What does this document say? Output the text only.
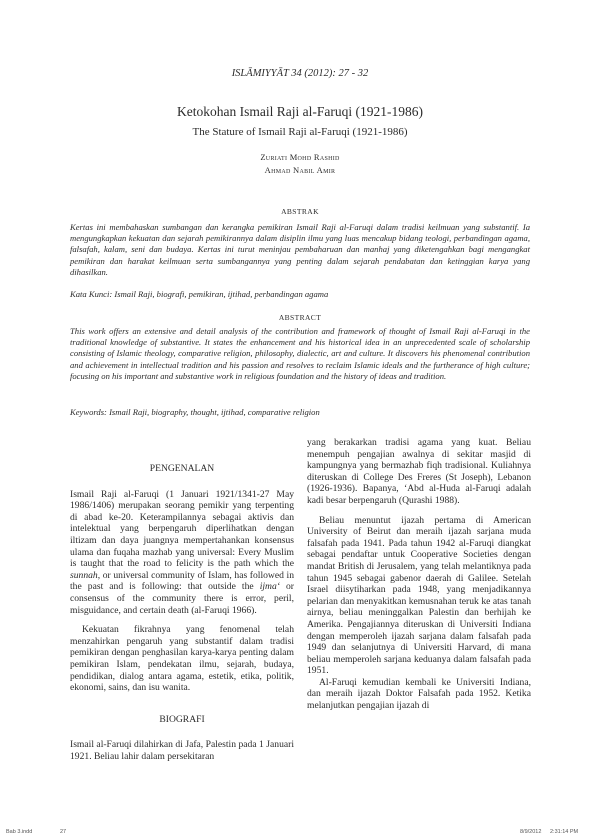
ISLĀMIYYĀT 34 (2012): 27 - 32
Ketokohan Ismail Raji al-Faruqi (1921-1986)
The Stature of Ismail Raji al-Faruqi (1921-1986)
Zuriati Mohd Rashid
Ahmad Nabil Amir
ABSTRAK
Kertas ini membahaskan sumbangan dan kerangka pemikiran Ismail Raji al-Faruqi dalam tradisi keilmuan yang substantif. Ia mengungkapkan kekuatan dan sejarah pemikirannya dalam disiplin ilmu yang luas mencakup bidang teologi, perbandingan agama, falsafah, kalam, seni dan budaya. Kertas ini turut meninjau pembaharuan dan manhaj yang diketengahkan bagi mengangkat pemikiran dan harakat keilmuan serta sumbangannya yang penting dalam sejarah pendabatan dan ketinggian karya yang dihasilkan.
Kata Kunci: Ismail Raji, biografi, pemikiran, ijtihad, perbandingan agama
ABSTRACT
This work offers an extensive and detail analysis of the contribution and framework of thought of Ismail Raji al-Faruqi in the traditional knowledge of substantive. It states the enhancement and his historical idea in an unprecedented scale of scholarship consisting of Islamic theology, comparative religion, philosophy, dialectic, art and culture. It discovers his phenomenal contribution and achievement in intellectual tradition and his passion and resolves to reclaim Islamic ideals and the furtherance of high culture; focusing on his important and substantive work in religious foundation and the history of ideas and tradition.
Keywords: Ismail Raji, biography, thought, ijtihad, comparative religion

PENGENALAN

Ismail Raji al-Faruqi (1 Januari 1921/1341-27 May 1986/1406) merupakan seorang pemikir yang terpenting di abad ke-20. Keterampilannya sebagai aktivis dan intelektual yang berpengaruh diperlihatkan dengan iltizam dan daya juangnya mempertahankan konsensus ulama dan fuqaha mazhab yang universal: Every Muslim is taught that the road to felicity is the path which the sunnah, or universal community of Islam, has followed in the past and is following: that outside the ijma‘ or consensus of the community there is error, peril, misguidance, and certain death (al-Faruqi 1966).

Kekuatan fikrahnya yang fenomenal telah menzahirkan pengaruh yang substantif dalam tradisi pemikiran dengan penghasilan karya-karya penting dalam pemikiran Islam, pendekatan ilmu, sejarah, budaya, pendidikan, dialog antara agama, estetik, etika, politik, ekonomi, sains, dan isu wanita.

BIOGRAFI

Ismail al-Faruqi dilahirkan di Jafa, Palestin pada 1 Januari 1921. Beliau lahir dalam persekitaran

yang berakarkan tradisi agama yang kuat. Beliau menempuh pengajian awalnya di sekitar masjid di kampungnya yang bermazhab fiqh tradisional. Kuliahnya diteruskan di College Des Freres (St Joseph), Lebanon (1926-1936). Bapanya, ‘Abd al-Huda al-Faruqi adalah kadi besar berpengaruh (Qurashi 1988).

Beliau menuntut ijazah pertama di American University of Beirut dan meraih ijazah sarjana muda falsafah pada 1941. Pada tahun 1942 al-Faruqi diangkat sebagai pendaftar untuk Cooperative Societies dengan mandat British di Jerusalem, yang telah melantiknya pada tahun 1945 sebagai gabenor daerah di Galilee. Setelah Israel diisytiharkan pada 1948, yang menjadikannya pelarian dan menyakitkan kemusnahan teruk ke atas tanah airnya, beliau meninggalkan Palestin dan berhijah ke Amerika. Pengajiannya diteruskan di Universiti Indiana dengan memperoleh ijazah sarjana dalam falsafah pada 1949 dan selanjutnya di Universiti Harvard, di mana beliau memperoleh sarjana keduanya dalam falsafah pada 1951.

Al-Faruqi kemudian kembali ke Universiti Indiana, dan meraih ijazah Doktor Falsafah pada 1952. Ketika melanjutkan pengajian ijazah di

Bab 3.indd	27	8/9/2012 2:31:14 PM
